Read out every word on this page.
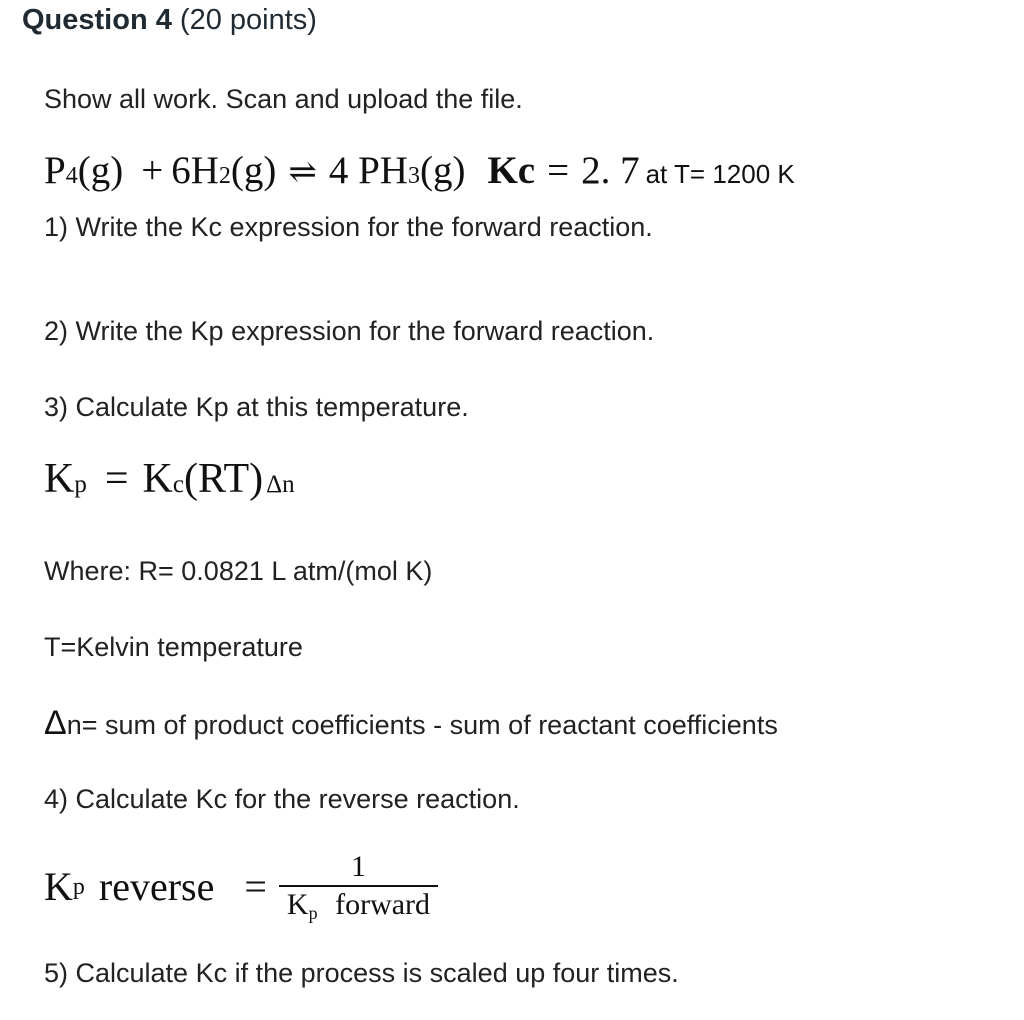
Question 4 (20 points)
Show all work. Scan and upload the file.
P 4 (g) + 6H 2 (g) ⇌ 4 PH 3 (g) Kc = 2. 7 at T= 1200 K
1) Write the Kc expression for the forward reaction.
2) Write the Kp expression for the forward reaction.
3) Calculate Kp at this temperature.
K p = K c (RT) Δn
Where: R= 0.0821 L atm/(mol K)
T=Kelvin temperature
Δn= sum of product coefficients - sum of reactant coefficients
4) Calculate Kc for the reverse reaction.
K p reverse = $\frac{1}{K_p forward}$
5) Calculate Kc if the process is scaled up four times.
